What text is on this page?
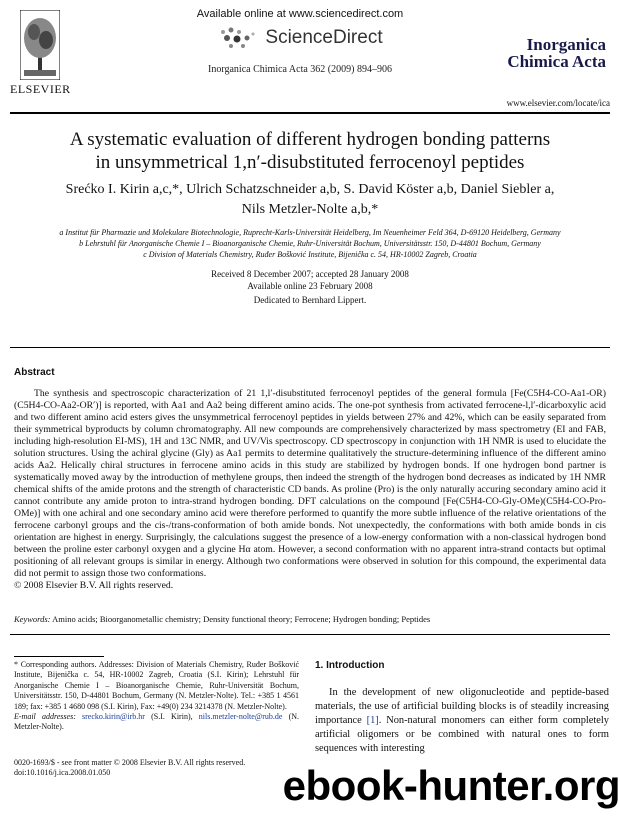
ELSEVIER
Available online at www.sciencedirect.com
ScienceDirect
Inorganica Chimica Acta 362 (2009) 894–906
Inorganica
Chimica Acta
www.elsevier.com/locate/ica
A systematic evaluation of different hydrogen bonding patterns
in unsymmetrical 1,n′-disubstituted ferrocenoyl peptides
Srećko I. Kirin a,c,*, Ulrich Schatzschneider a,b, S. David Köster a,b, Daniel Siebler a,
Nils Metzler-Nolte a,b,*
a Institut für Pharmazie und Molekulare Biotechnologie, Ruprecht-Karls-Universität Heidelberg, Im Neuenheimer Feld 364, D-69120 Heidelberg, Germany
b Lehrstuhl für Anorganische Chemie I – Bioanorganische Chemie, Ruhr-Universität Bochum, Universitätsstr. 150, D-44801 Bochum, Germany
c Division of Materials Chemistry, Ruđer Bošković Institute, Bijenička c. 54, HR-10002 Zagreb, Croatia
Received 8 December 2007; accepted 28 January 2008
Available online 23 February 2008
Dedicated to Bernhard Lippert.
Abstract

The synthesis and spectroscopic characterization of 21 1,l′-disubstituted ferrocenoyl peptides of the general formula [Fe(C5H4-CO-Aa1-OR) (C5H4-CO-Aa2-OR′)] is reported, with Aa1 and Aa2 being different amino acids. The one-pot synthesis from activated ferrocene-l,l′-dicarboxylic acid and two different amino acid esters gives the unsymmetrical ferrocenoyl peptides in yields between 27% and 42%, which can be easily separated from their symmetrical byproducts by column chromatography. All new compounds are comprehensively characterized by mass spectrometry (EI and FAB, including high-resolution EI-MS), 1H and 13C NMR, and UV/Vis spectroscopy. CD spectroscopy in conjunction with 1H NMR is used to elucidate the solution structures. Using the achiral glycine (Gly) as Aa1 permits to determine qualitatively the structure-determining influence of the different amino acids Aa2. Helically chiral structures in ferrocene amino acids in this study are stabilized by hydrogen bonds. If one hydrogen bond partner is systematically moved away by the introduction of methylene groups, then indeed the strength of the hydrogen bond decreases as indicated by 1H NMR chemical shifts of the amide protons and the strength of characteristic CD bands. As proline (Pro) is the only naturally accuring secondary amino acid it cannot contribute any amide proton to intra-strand hydrogen bonding. DFT calculations on the compound [Fe(C5H4-CO-Gly-OMe)(C5H4-CO-Pro-OMe)] with one achiral and one secondary amino acid were therefore performed to quantify the more subtle influence of the relative orientations of the ferrocene carbonyl groups and the cis-/trans-conformation of both amide bonds. Not unexpectedly, the conformations with both amide bonds in cis orientation are highest in energy. Surprisingly, the calculations suggest the presence of a low-energy conformation with a non-classical hydrogen bond between the proline ester carbonyl oxygen and a glycine Hα atom. However, a second conformation with no apparent intra-strand contacts but optimal positioning of all relevant groups is similar in energy. Although two conformations were observed in solution for this compound, the experimental data did not permit to assign those two conformations.

© 2008 Elsevier B.V. All rights reserved.

Keywords: Amino acids; Bioorganometallic chemistry; Density functional theory; Ferrocene; Hydrogen bonding; Peptides
* Corresponding authors. Addresses: Division of Materials Chemistry, Ruđer Bošković Institute, Bijenička c. 54, HR-10002 Zagreb, Croatia (S.I. Kirin); Lehrstuhl für Anorganische Chemie I – Bioanorganische Chemie, Ruhr-Universität Bochum, Universitätsstr. 150, D-44801 Bochum, Germany (N. Metzler-Nolte). Tel.: +385 1 4561 189; fax: +385 1 4680 098 (S.I. Kirin), Fax: +49(0) 234 3214378 (N. Metzler-Nolte).
E-mail addresses: srecko.kirin@irb.hr (S.I. Kirin), nils.metzler-nolte@rub.de (N. Metzler-Nolte).
0020-1693/$ - see front matter © 2008 Elsevier B.V. All rights reserved.
doi:10.1016/j.ica.2008.01.050
1. Introduction
In the development of new oligonucleotide and peptide-based materials, the use of artificial building blocks is of steadily increasing importance [1]. Non-natural monomers can either form completely artificial oligomers or be combined with natural ones to form sequences with interesting
ebook-hunter.org
